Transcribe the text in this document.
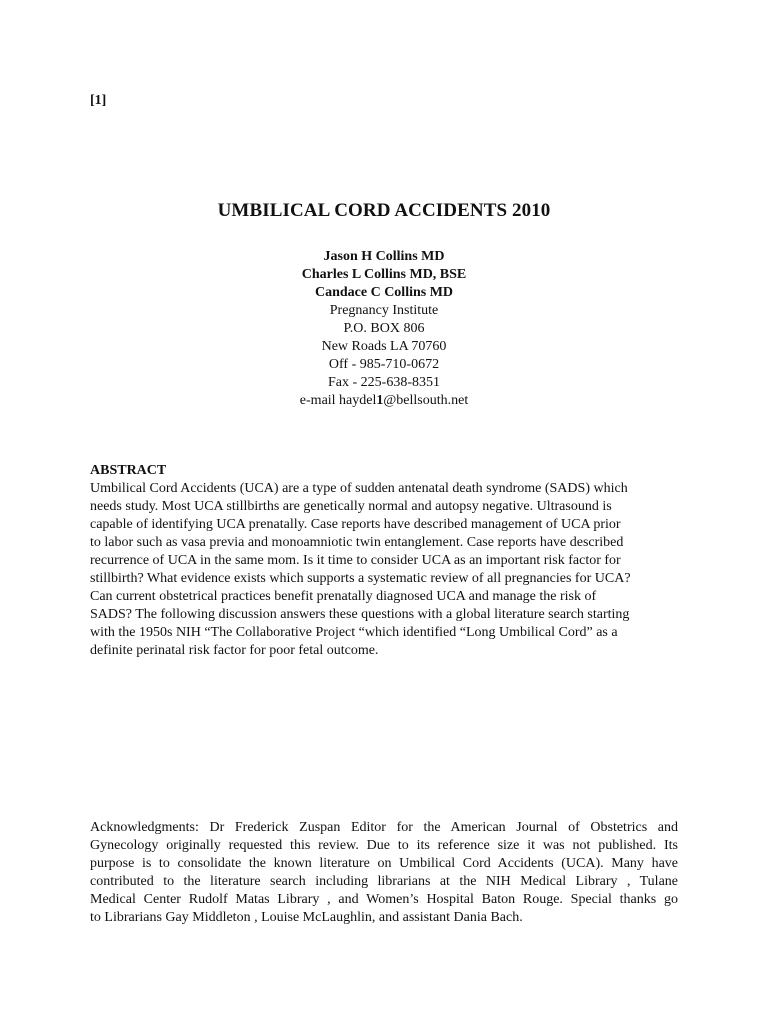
[1]
UMBILICAL CORD ACCIDENTS 2010
Jason H Collins MD
Charles L Collins MD, BSE
Candace C Collins MD
Pregnancy Institute
P.O. BOX 806
New Roads LA 70760
Off - 985-710-0672
Fax - 225-638-8351
e-mail haydel1@bellsouth.net
ABSTRACT
Umbilical Cord Accidents (UCA) are a type of sudden antenatal death syndrome (SADS) which
needs study. Most UCA stillbirths are genetically normal and autopsy negative. Ultrasound is
capable of identifying UCA prenatally. Case reports have described management of UCA prior
to labor such as vasa previa and monoamniotic twin entanglement. Case reports have described
recurrence of UCA in the same mom. Is it time to consider UCA as an important risk factor for
stillbirth? What evidence exists which supports a systematic review of all pregnancies for UCA?
Can current obstetrical practices benefit prenatally diagnosed UCA and manage the risk of
SADS? The following discussion answers these questions with a global literature search starting
with the 1950s NIH “The Collaborative Project “which identified “Long Umbilical Cord” as a
definite perinatal risk factor for poor fetal outcome.
Acknowledgments: Dr Frederick Zuspan Editor for the American Journal of Obstetrics and
Gynecology originally requested this review. Due to its reference size it was not published. Its
purpose is to consolidate the known literature on Umbilical Cord Accidents (UCA). Many have
contributed to the literature search including librarians at the NIH Medical Library , Tulane
Medical Center Rudolf Matas Library , and Women’s Hospital Baton Rouge. Special thanks go
to Librarians Gay Middleton , Louise McLaughlin, and assistant Dania Bach.
